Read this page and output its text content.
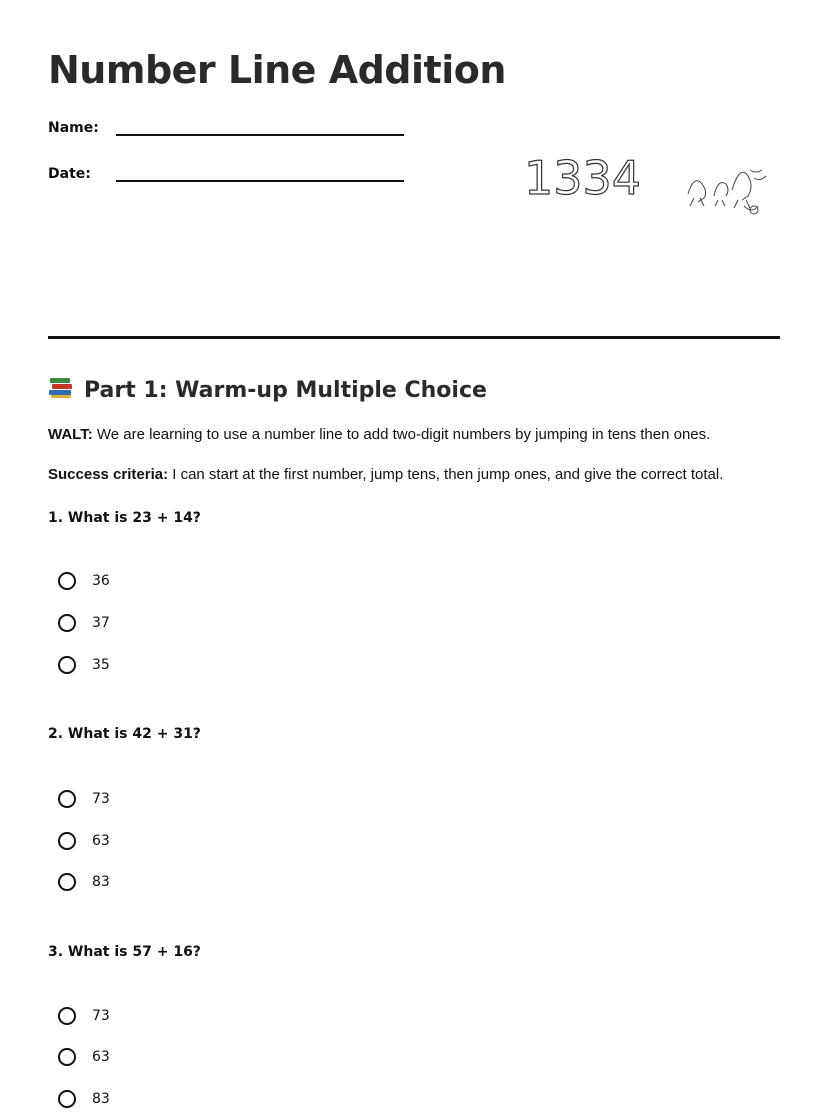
Number Line Addition
Name:
Date:	1334
Part 1: Warm-up Multiple Choice

WALT: We are learning to use a number line to add two-digit numbers by jumping in tens then ones.

Success criteria: I can start at the first number, jump tens, then jump ones, and give the correct total.

1. What is 23 + 14?

36
37
35

2. What is 42 + 31?

73
63
83

3. What is 57 + 16?

73
63
83
